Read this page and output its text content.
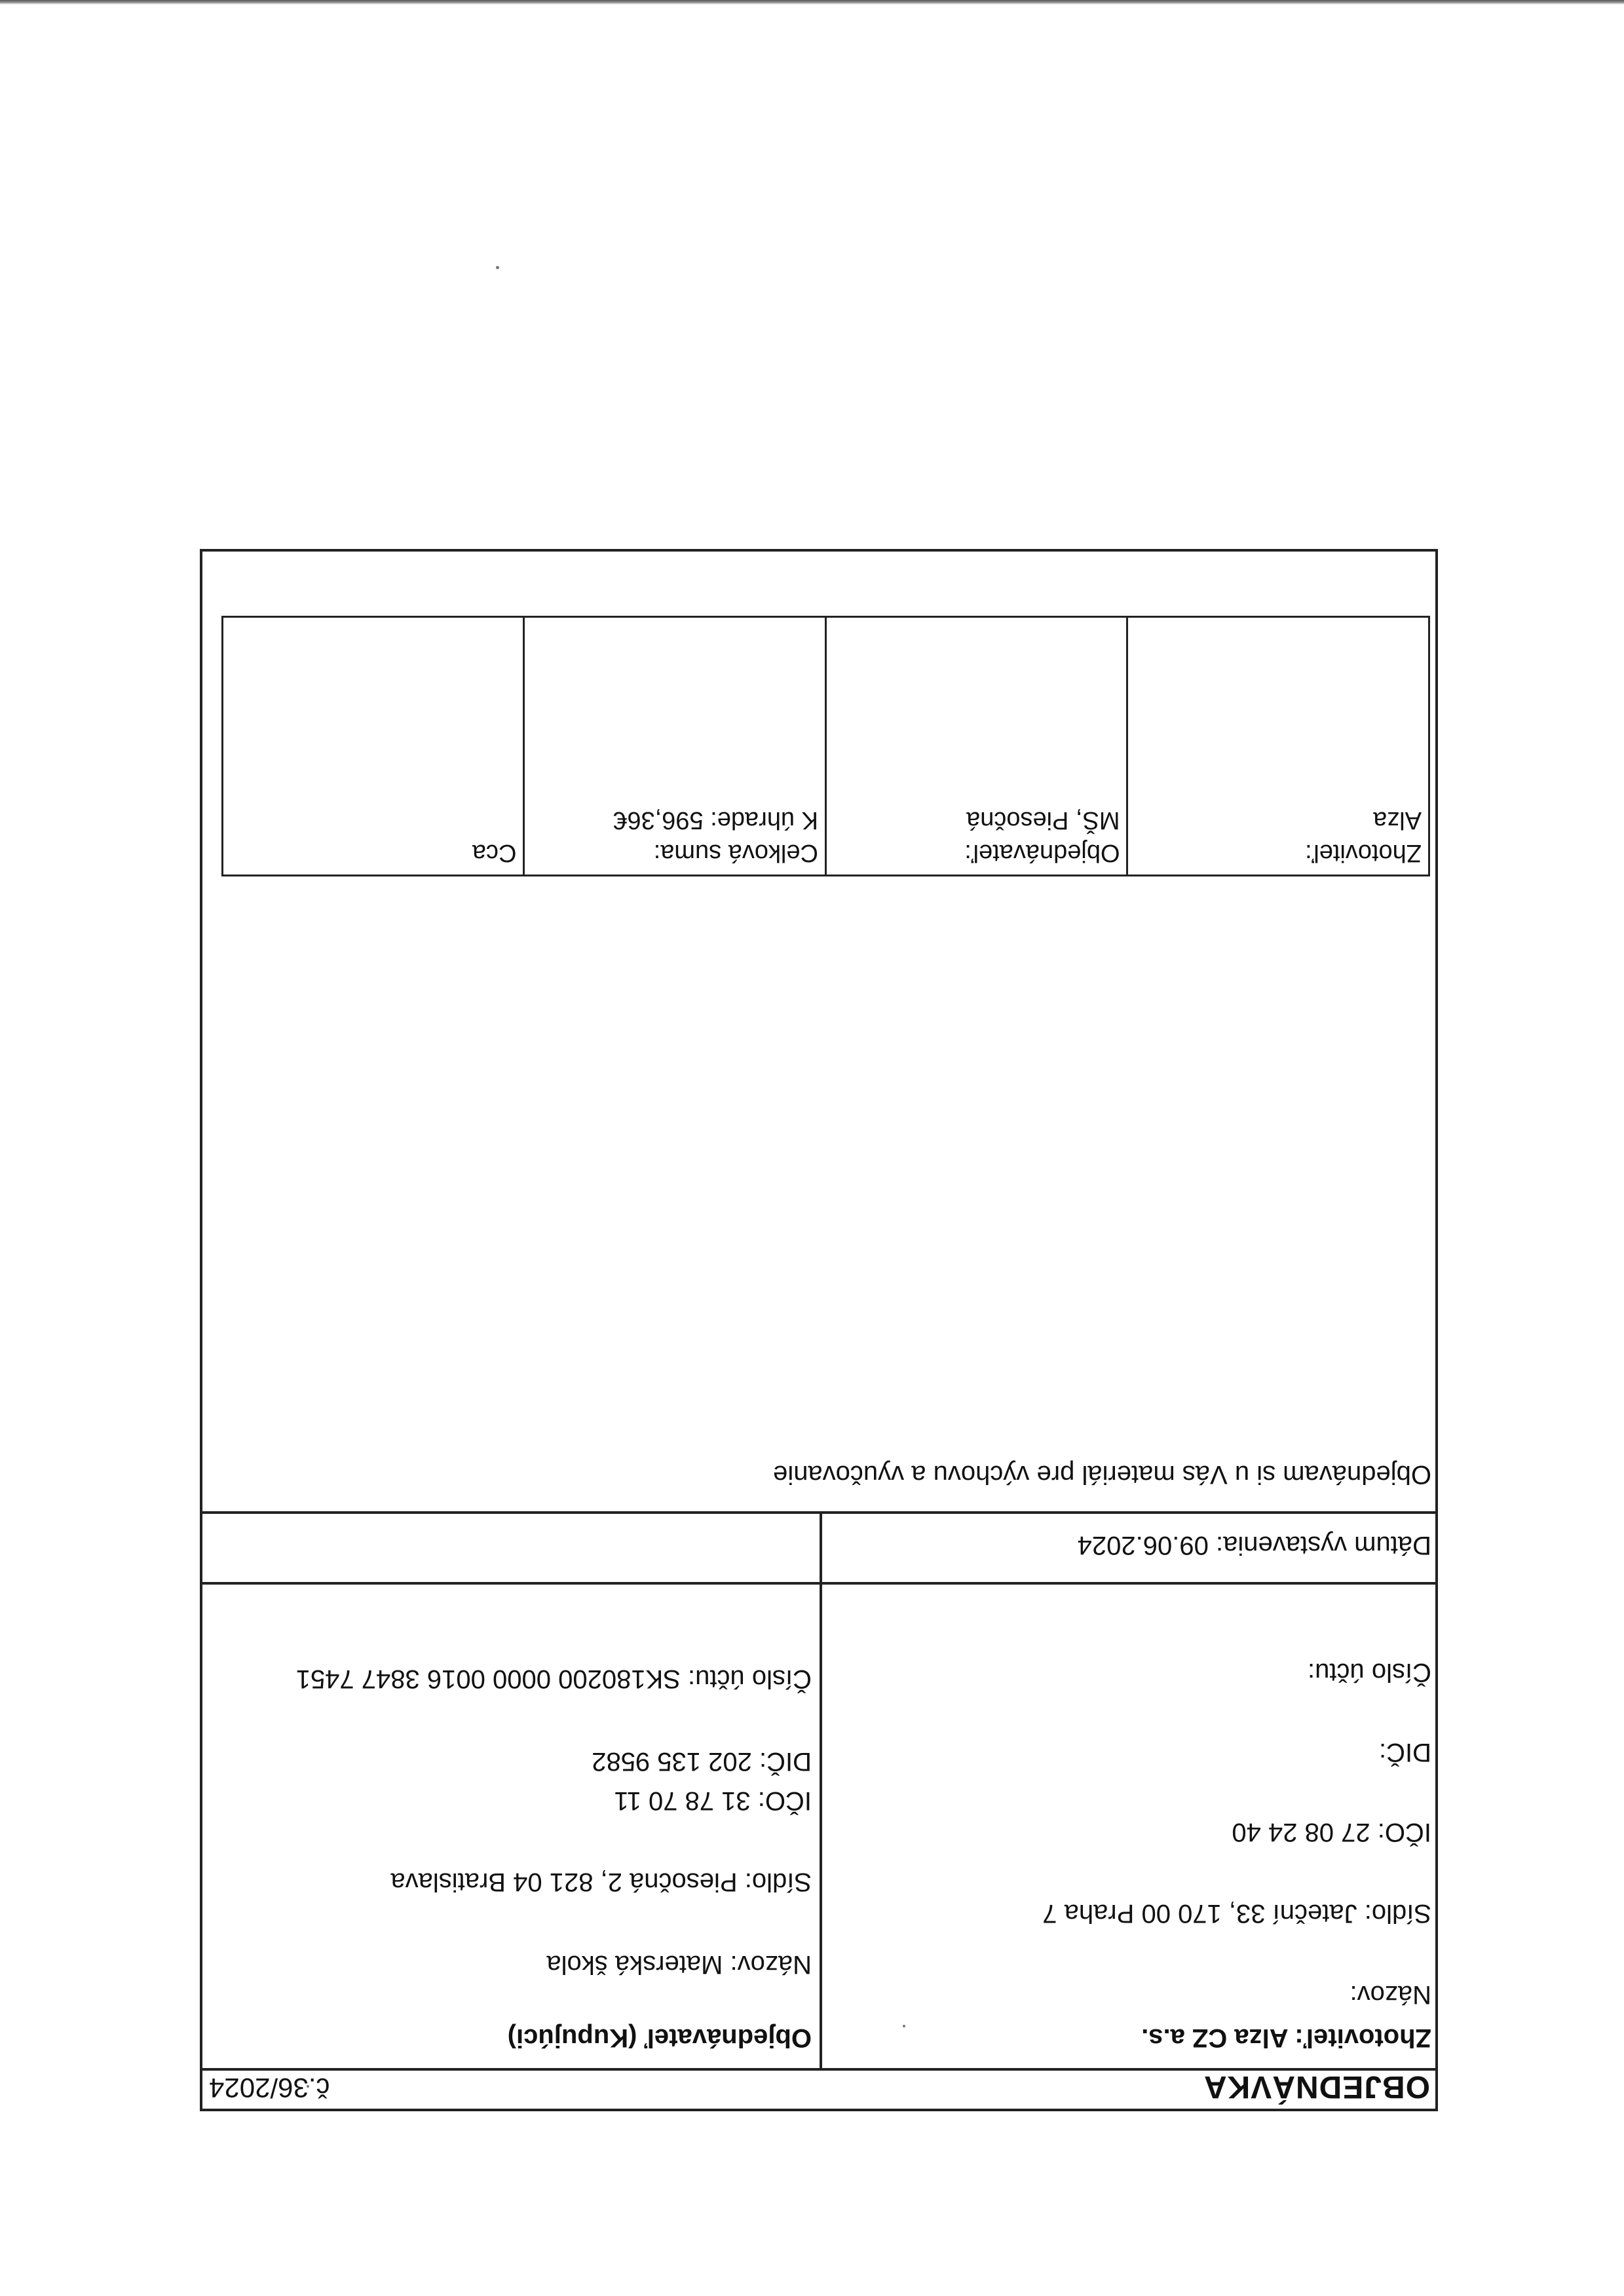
OBJEDNÁVKA
č.36/2024
Zhotoviteľ: Alza CZ a.s.
Názov:
Sídlo: Jateční 33, 170 00 Praha 7
IČO: 27 08 24 40
DIČ:
Číslo účtu:
Objednávateľ (Kupujúci)
Názov: Materská škola
Sídlo: Piesočná 2, 821 04 Bratislava
IČO: 31 78 70 11
DIČ: 202 135 9582
Číslo účtu: SK180200 0000 0016 3847 7451
Dátum vystavenia: 09.06.2024
Objednávam si u Vás materiál pre výchovu a vyučovanie
Zhotoviteľ:
Alza

Objednávateľ:
MŠ, Piesočná

Celková suma:
K úhrade: 596,36€

Cca
